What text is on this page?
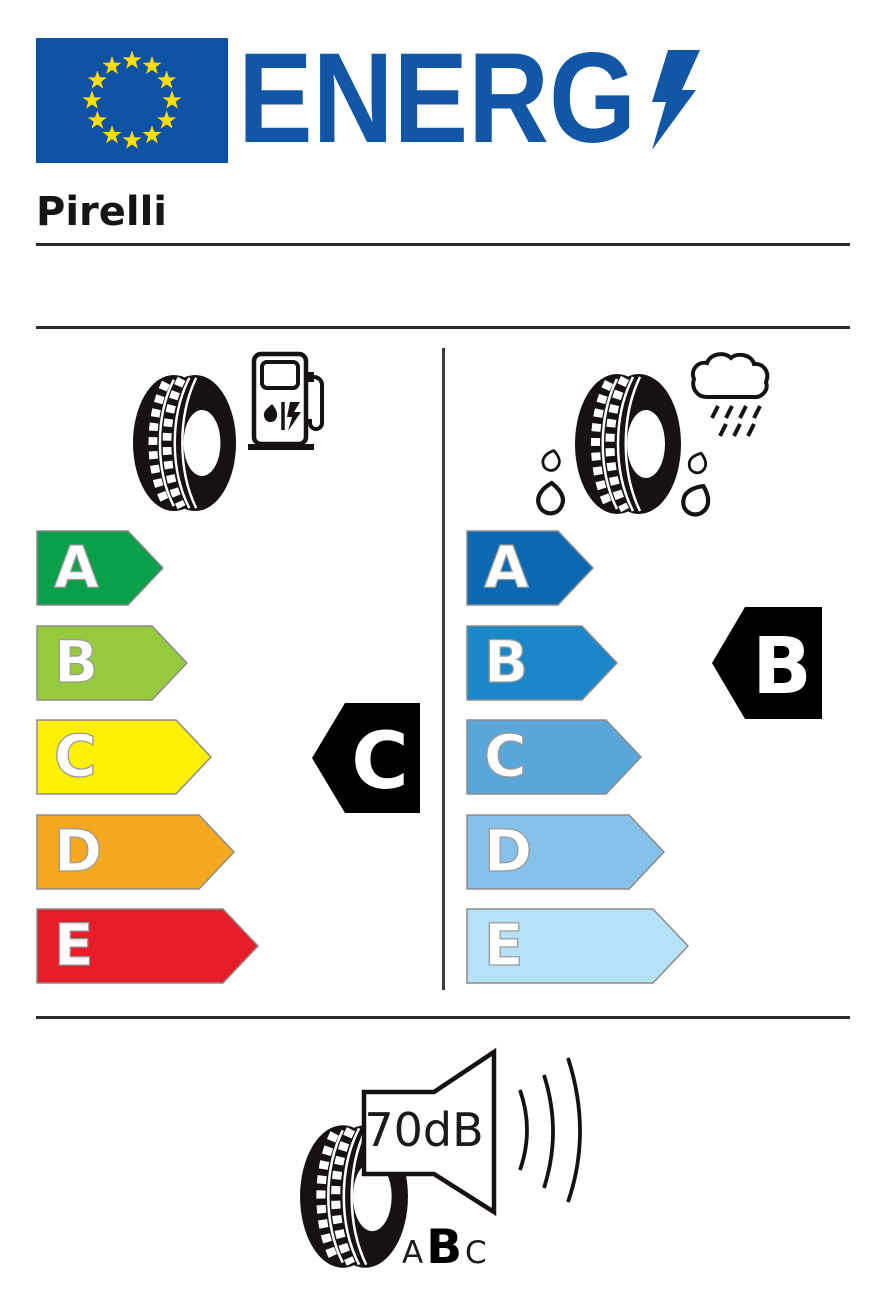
ENERG
Pirelli
A
B
C
D
E
A
B
C
D
E
C
B
70dB
A B C
